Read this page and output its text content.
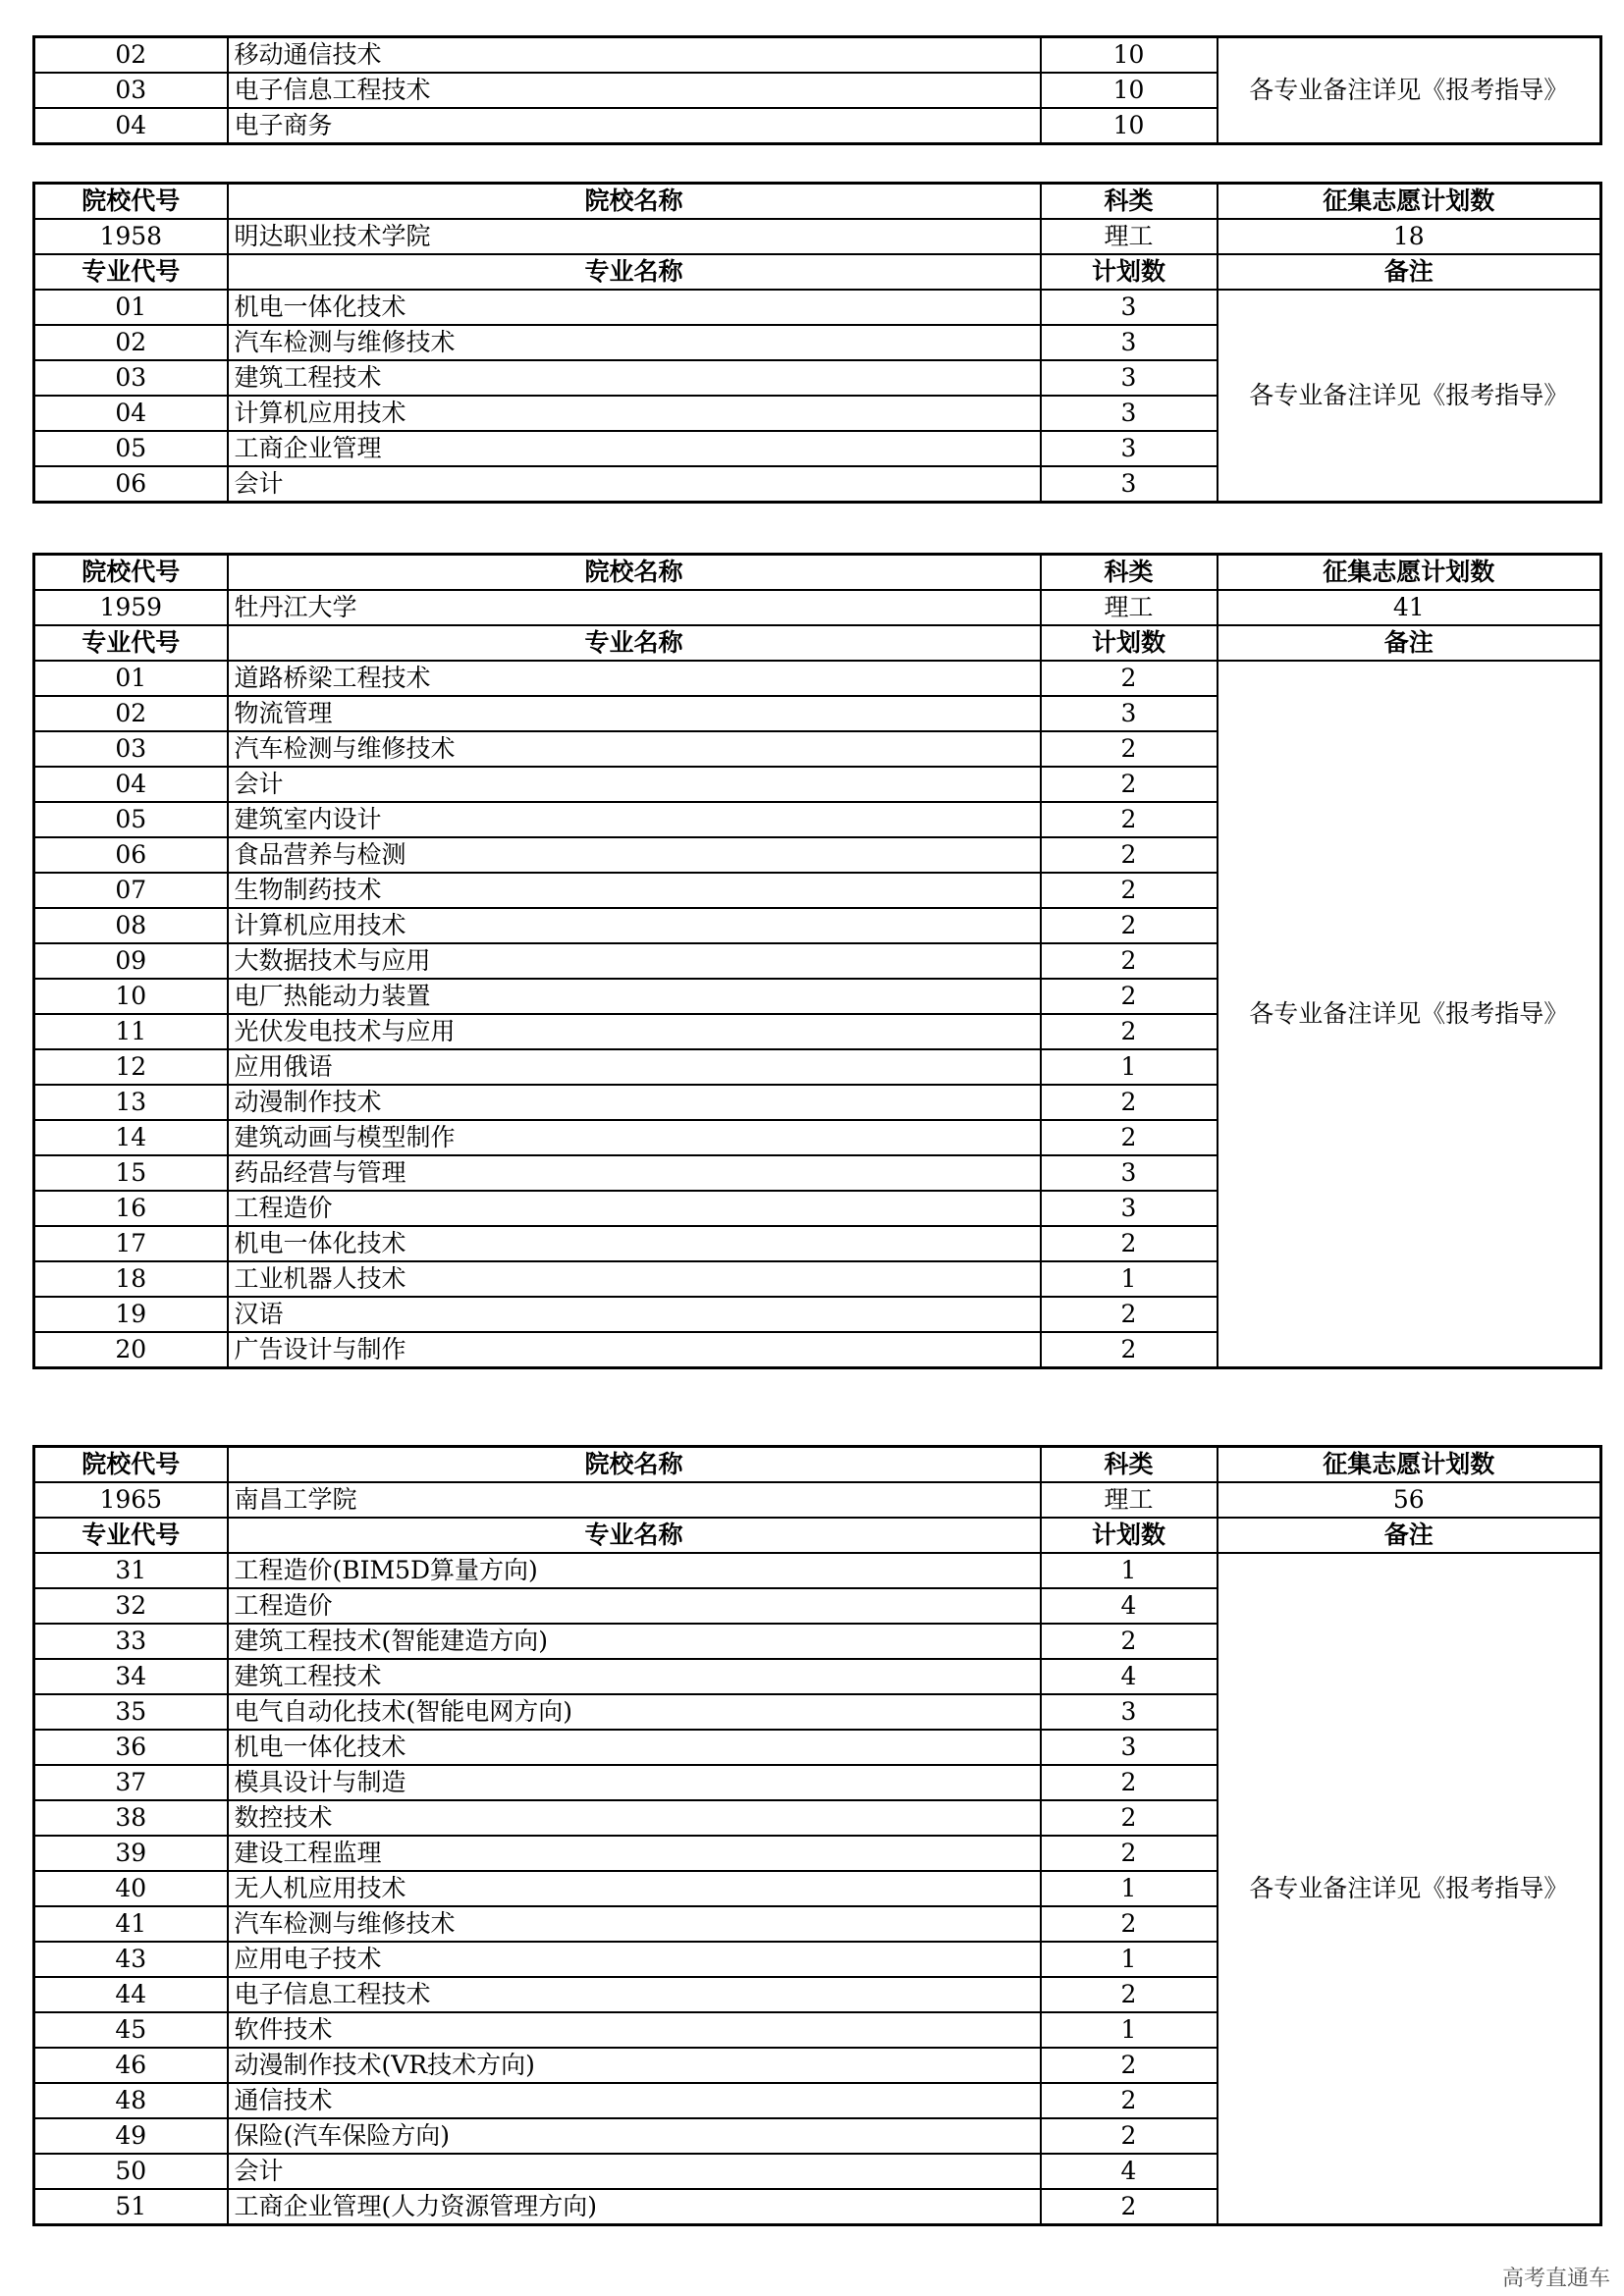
02	移动通信技术	10	各专业备注详见《报考指导》
03	电子信息工程技术	10	
04	电子商务	10	
院校代号	院校名称	科类	征集志愿计划数
1958	明达职业技术学院	理工	18
专业代号	专业名称	计划数	备注
01	机电一体化技术	3	各专业备注详见《报考指导》
02	汽车检测与维修技术	3	
03	建筑工程技术	3	
04	计算机应用技术	3	
05	工商企业管理	3	
06	会计	3	
院校代号	院校名称	科类	征集志愿计划数
1959	牡丹江大学	理工	41
专业代号	专业名称	计划数	备注
01	道路桥梁工程技术	2	各专业备注详见《报考指导》
02	物流管理	3	
03	汽车检测与维修技术	2	
04	会计	2	
05	建筑室内设计	2	
06	食品营养与检测	2	
07	生物制药技术	2	
08	计算机应用技术	2	
09	大数据技术与应用	2	
10	电厂热能动力装置	2	
11	光伏发电技术与应用	2	
12	应用俄语	1	
13	动漫制作技术	2	
14	建筑动画与模型制作	2	
15	药品经营与管理	3	
16	工程造价	3	
17	机电一体化技术	2	
18	工业机器人技术	1	
19	汉语	2	
20	广告设计与制作	2	
院校代号	院校名称	科类	征集志愿计划数
1965	南昌工学院	理工	56
专业代号	专业名称	计划数	备注
31	工程造价(BIM5D算量方向)	1	各专业备注详见《报考指导》
32	工程造价	4	
33	建筑工程技术(智能建造方向)	2	
34	建筑工程技术	4	
35	电气自动化技术(智能电网方向)	3	
36	机电一体化技术	3	
37	模具设计与制造	2	
38	数控技术	2	
39	建设工程监理	2	
40	无人机应用技术	1	
41	汽车检测与维修技术	2	
43	应用电子技术	1	
44	电子信息工程技术	2	
45	软件技术	1	
46	动漫制作技术(VR技术方向)	2	
48	通信技术	2	
49	保险(汽车保险方向)	2	
50	会计	4	
51	工商企业管理(人力资源管理方向)	2	
高考直通车
